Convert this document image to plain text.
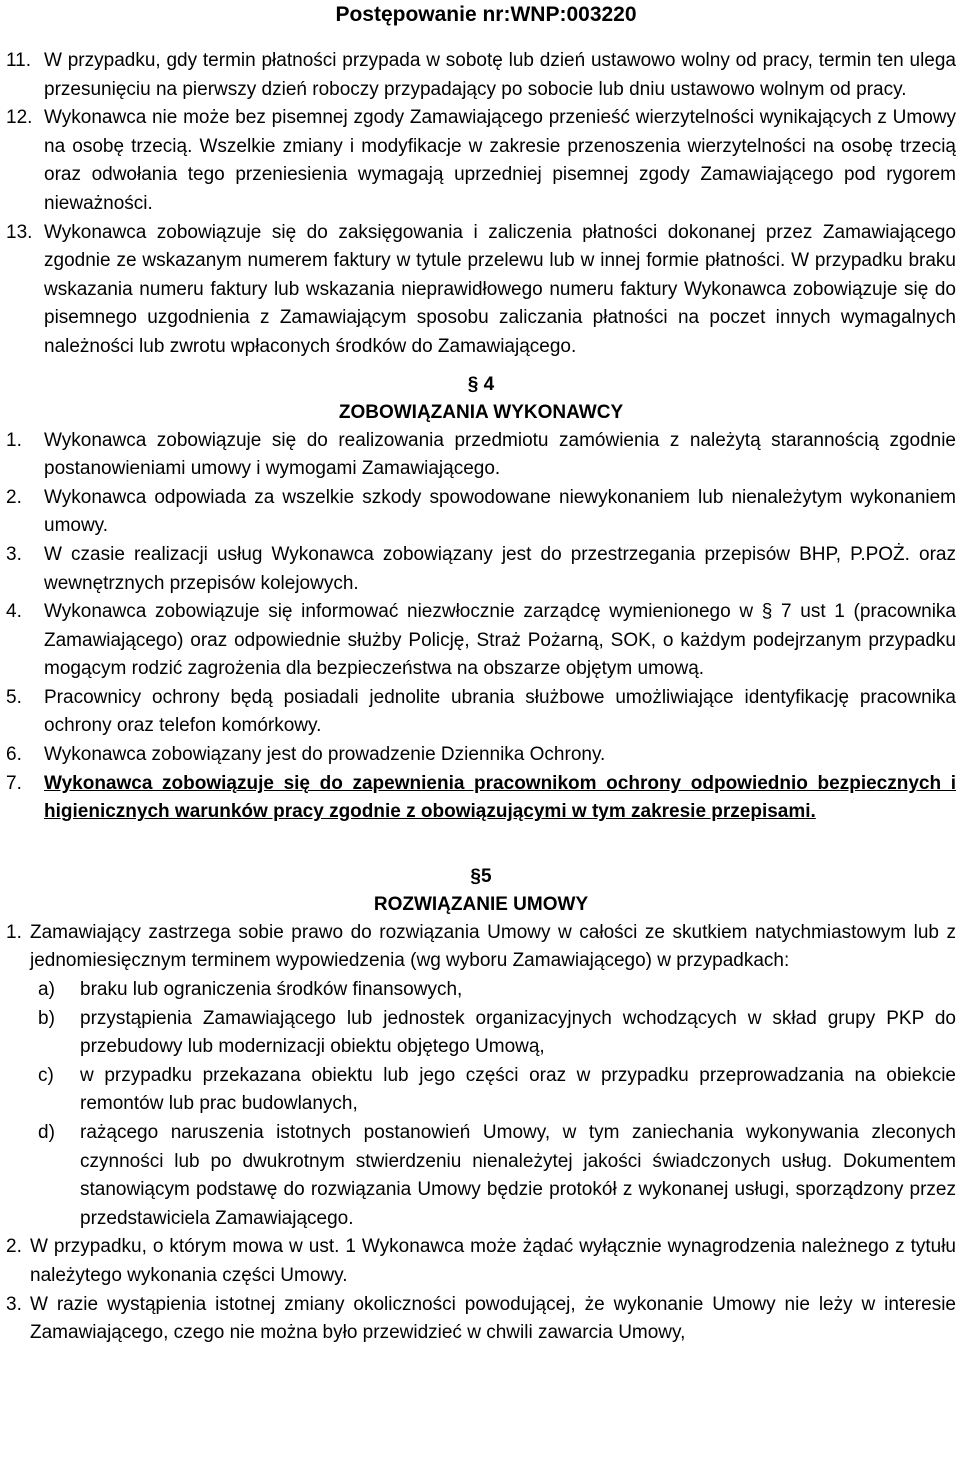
Postępowanie nr:WNP:003220
11. W przypadku, gdy termin płatności przypada w sobotę lub dzień ustawowo wolny od pracy, termin ten ulega przesunięciu na pierwszy dzień roboczy przypadający po sobocie lub dniu ustawowo wolnym od pracy.
12. Wykonawca nie może bez pisemnej zgody Zamawiającego przenieść wierzytelności wynikających z Umowy na osobę trzecią. Wszelkie zmiany i modyfikacje w zakresie przenoszenia wierzytelności na osobę trzecią oraz odwołania tego przeniesienia wymagają uprzedniej pisemnej zgody Zamawiającego pod rygorem nieważności.
13. Wykonawca zobowiązuje się do zaksięgowania i zaliczenia płatności dokonanej przez Zamawiającego zgodnie ze wskazanym numerem faktury w tytule przelewu lub w innej formie płatności. W przypadku braku wskazania numeru faktury lub wskazania nieprawidłowego numeru faktury Wykonawca zobowiązuje się do pisemnego uzgodnienia z Zamawiającym sposobu zaliczania płatności na poczet innych wymagalnych należności lub zwrotu wpłaconych środków do Zamawiającego.
§ 4
ZOBOWIĄZANIA WYKONAWCY
1.	Wykonawca zobowiązuje się do realizowania przedmiotu zamówienia z należytą starannością zgodnie postanowieniami umowy i wymogami Zamawiającego.
2.	Wykonawca odpowiada za wszelkie szkody spowodowane niewykonaniem lub nienależytym wykonaniem umowy.
3.	W czasie realizacji usług Wykonawca zobowiązany jest do przestrzegania przepisów BHP, P.POŻ. oraz wewnętrznych przepisów kolejowych.
4.	Wykonawca zobowiązuje się informować niezwłocznie zarządcę wymienionego w § 7 ust 1 (pracownika Zamawiającego) oraz odpowiednie służby Policję, Straż Pożarną, SOK, o każdym podejrzanym przypadku mogącym rodzić zagrożenia dla bezpieczeństwa na obszarze objętym umową.
5.	Pracownicy ochrony będą posiadali jednolite ubrania służbowe umożliwiające identyfikację pracownika ochrony oraz telefon komórkowy.
6.	Wykonawca zobowiązany jest do prowadzenie Dziennika Ochrony.
7.	Wykonawca zobowiązuje się do zapewnienia pracownikom ochrony odpowiednio bezpiecznych i higienicznych warunków pracy zgodnie z obowiązującymi w tym zakresie przepisami.
§5
ROZWIĄZANIE UMOWY
1. Zamawiający zastrzega sobie prawo do rozwiązania Umowy w całości ze skutkiem natychmiastowym lub z jednomiesięcznym terminem wypowiedzenia (wg wyboru Zamawiającego) w przypadkach:
a)	braku lub ograniczenia środków finansowych,
b)	przystąpienia Zamawiającego lub jednostek organizacyjnych wchodzących w skład grupy PKP do przebudowy lub modernizacji obiektu objętego Umową,
c)	w przypadku przekazana obiektu lub jego części oraz w przypadku przeprowadzania na obiekcie remontów lub prac budowlanych,
d)	rażącego naruszenia istotnych postanowień Umowy, w tym zaniechania wykonywania zleconych czynności lub po dwukrotnym stwierdzeniu nienależytej jakości świadczonych usług. Dokumentem stanowiącym podstawę do rozwiązania Umowy będzie protokół z wykonanej usługi, sporządzony przez przedstawiciela Zamawiającego.
2. W przypadku, o którym mowa w ust. 1 Wykonawca może żądać wyłącznie wynagrodzenia należnego z tytułu należytego wykonania części Umowy.
3. W razie wystąpienia istotnej zmiany okoliczności powodującej, że wykonanie Umowy nie leży w interesie Zamawiającego, czego nie można było przewidzieć w chwili zawarcia Umowy,
